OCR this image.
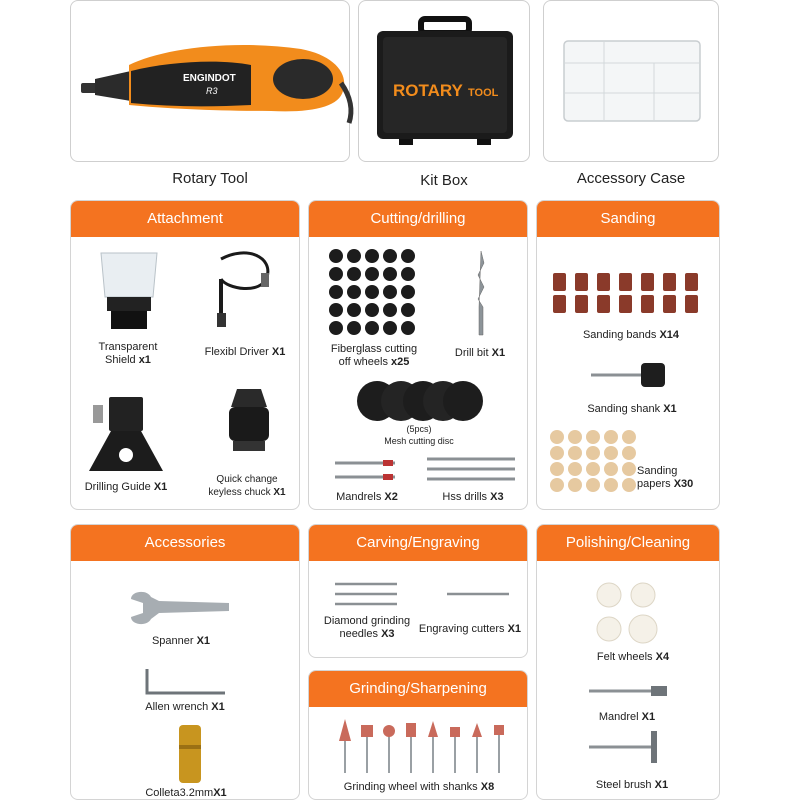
ENGINDOT
R3
Rotary Tool
ROTARY TOOL
Kit Box	Accessory Case
Attachment
Transparent
Shield x1
Flexibl Driver X1
Drilling Guide X1
Quick change
keyless chuck X1
Cutting/drilling
Fiberglass cutting
off wheels x25
Drill bit X1
(5pcs)
Mesh cutting disc
Mandrels X2	Hss drills X3
Sanding
Sanding bands X14
Sanding shank X1
Sanding
papers X30
Accessories
Spanner X1
Allen wrench X1
Colleta3.2mmX1
Carving/Engraving
Diamond grinding
needles X3	Engraving cutters X1
Grinding/Sharpening
Grinding wheel with shanks X8
Polishing/Cleaning
Felt wheels X4
Mandrel X1
Steel brush X1
